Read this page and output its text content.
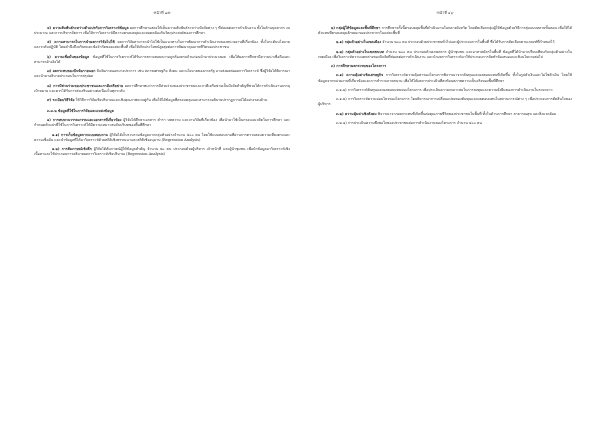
-หน้าที่ ๑๕-

๔) ความสัมพันธ์ระหว่างตัวแปรกับการวิเคราะห์ข้อมูล ผลการศึกษาแสดงให้เห็นความสัมพันธ์ระหว่างปัจจัยต่าง ๆ ที่ส่งผลต่อการดำเนินงาน ทั้งในด้านบุคลากร งบประมาณ และการบริหารจัดการ เพื่อให้การวิเคราะห์มีความครอบคลุมและสอดคล้องกับวัตถุประสงค์ของการศึกษา

๕) ความสามารถในการนำผลการวิจัยไปใช้ ผลการวิจัยสามารถนำไปใช้เป็นแนวทางในการพัฒนาการดำเนินงานของหน่วยงานที่เกี่ยวข้อง ทั้งในระดับนโยบายและระดับปฏิบัติ โดยคำนึงถึงบริบทและข้อจำกัดของแต่ละพื้นที่ เพื่อให้เกิดประโยชน์สูงสุดต่อการพัฒนาคุณภาพชีวิตของประชาชน

๖) ความเชื่อมั่นของข้อมูล ข้อมูลที่ใช้ในการวิเคราะห์ได้รับการตรวจสอบความถูกต้องครบถ้วนก่อนนำมาประมวลผล เพื่อให้ผลการศึกษามีความน่าเชื่อถือและสามารถอ้างอิงได้

๗) ผลกระทบของปัจจัยภายนอก ปัจจัยภายนอกบางประการ เช่น สภาพเศรษฐกิจ สังคม และนโยบายของภาครัฐ อาจส่งผลต่อผลการวิเคราะห์ ซึ่งผู้วิจัยได้พิจารณาและนำมาอธิบายประกอบในการสรุปผล

๘) การมีส่วนร่วมของประชาชนและภาคีเครือข่าย ผลการศึกษาพบว่าการมีส่วนร่วมของประชาชนและภาคีเครือข่ายเป็นปัจจัยสำคัญที่ช่วยให้การดำเนินงานบรรลุเป้าหมาย และควรได้รับการส่งเสริมอย่างต่อเนื่องในทุกระดับ

๙) ระเบียบวิธีวิจัย ใช้วิธีการวิจัยเชิงปริมาณและเชิงคุณภาพควบคู่กัน เพื่อให้ได้ข้อมูลที่ครอบคลุมและสามารถอธิบายปรากฏการณ์ได้อย่างรอบด้าน

๓.๓.๒ ข้อมูลที่ใช้ในการวิจัยและแหล่งข้อมูล

๑) การทบทวนวรรณกรรมและเอกสารที่เกี่ยวข้อง ผู้วิจัยได้ศึกษาเอกสาร ตำรา บทความ และงานวิจัยที่เกี่ยวข้อง เพื่อนำมาใช้เป็นกรอบแนวคิดในการศึกษา และกำหนดตัวแปรที่ใช้ในการวิเคราะห์ให้มีความเหมาะสมกับบริบทของพื้นที่ศึกษา

๑.๑) การเก็บข้อมูลจากแบบสอบถาม ผู้วิจัยได้เก็บรวบรวมข้อมูลจากกลุ่มตัวอย่างจำนวน ๔๐๐ คน โดยใช้แบบสอบถามที่ผ่านการตรวจสอบความเที่ยงตรงและความเชื่อมั่น และนำข้อมูลที่ได้มาวิเคราะห์ด้วยสถิติเชิงพรรณนาและสถิติเชิงอนุมาน (Regression Analysis)

๑.๒) การสัมภาษณ์เชิงลึก ผู้วิจัยได้สัมภาษณ์ผู้ให้ข้อมูลสำคัญ จำนวน ๒๐ คน ประกอบด้วยผู้บริหาร เจ้าหน้าที่ และผู้นำชุมชน เพื่อนำข้อมูลมาวิเคราะห์เชิงเนื้อหาและใช้ประกอบการอธิบายผลการวิเคราะห์เชิงปริมาณ (Regression Analysis)

-หน้าที่ ๑๖-

๒) กลุ่มผู้ให้ข้อมูลและพื้นที่ศึกษา การศึกษาครั้งนี้ครอบคลุมพื้นที่ดำเนินงานในหลายจังหวัด โดยคัดเลือกกลุ่มผู้ให้ข้อมูลด้วยวิธีการสุ่มแบบหลายขั้นตอน เพื่อให้ได้ตัวแทนที่ครอบคลุมลักษณะของประชากรในแต่ละพื้นที่

๒.๑) กลุ่มตัวอย่างในเขตเมือง จำนวน ๒๐๐ คน ประกอบด้วยประชาชนทั่วไปและผู้ประกอบการในพื้นที่ ซึ่งได้รับการคัดเลือกตามเกณฑ์ที่กำหนดไว้

๒.๒) กลุ่มตัวอย่างในเขตชนบท จำนวน ๒๐๐ คน ประกอบด้วยเกษตรกร ผู้นำชุมชน และอาสาสมัครในพื้นที่ ข้อมูลที่ได้นำมาเปรียบเทียบกับกลุ่มตัวอย่างในเขตเมือง เพื่อวิเคราะห์ความแตกต่างของปัจจัยที่ส่งผลต่อการดำเนินงาน และนำผลการวิเคราะห์มาใช้ประกอบการจัดทำข้อเสนอแนะเชิงนโยบายต่อไป

๓) การศึกษาผลกระทบของโครงการ

๓.๑) ความคุ้มค่าเชิงเศรษฐกิจ การวิเคราะห์ความคุ้มค่าของโครงการพิจารณาจากต้นทุนและผลตอบแทนที่เกิดขึ้น ทั้งในรูปตัวเงินและไม่ใช่ตัวเงิน โดยใช้ข้อมูลจากหน่วยงานที่เกี่ยวข้องและการสำรวจภาคสนาม เพื่อให้ได้ผลการประเมินที่สะท้อนสภาพความเป็นจริงของพื้นที่ศึกษา

๓.๑.๑) การวิเคราะห์ต้นทุนและผลตอบแทนของโครงการ เพื่อประเมินความเหมาะสมในการลงทุนและความยั่งยืนของการดำเนินงานในระยะยาว

๓.๑.๒) การวิเคราะห์ความอ่อนไหวของโครงการ โดยพิจารณาการเปลี่ยนแปลงของต้นทุนและผลตอบแทนในสถานการณ์ต่าง ๆ เพื่อประกอบการตัดสินใจของผู้บริหาร

๓.๒) ความคุ้มค่าเชิงสังคม พิจารณาจากผลกระทบที่เกิดขึ้นต่อคุณภาพชีวิตของประชาชนในพื้นที่ ทั้งในด้านการศึกษา สาธารณสุข และสิ่งแวดล้อม

๓.๒.๑) การประเมินความพึงพอใจของประชาชนต่อการดำเนินงานของโครงการ จำนวน ๔๐๐ คน
